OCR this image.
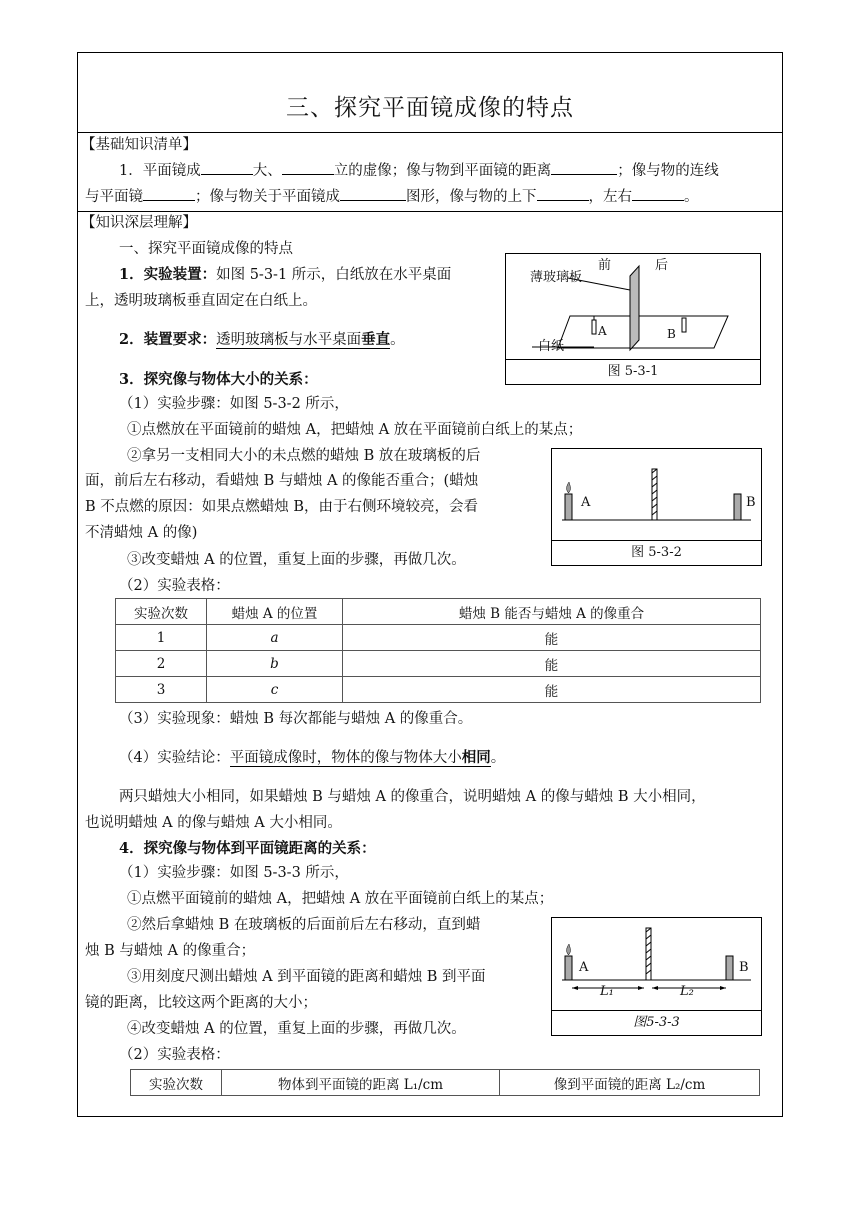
三、探究平面镜成像的特点
【基础知识清单】
1．平面镜成	大、	立的虚像；像与物到平面镜的距离	；像与物的连线
与平面镜	；像与物关于平面镜成	图形，像与物的上下	，左右	。
【知识深层理解】
一、探究平面镜成像的特点
1．实验装置：如图 5-3-1 所示，白纸放在水平桌面
上，透明玻璃板垂直固定在白纸上。
2．装置要求：透明玻璃板与水平桌面垂直。
3．探究像与物体大小的关系：
（1）实验步骤：如图 5-3-2 所示，
①点燃放在平面镜前的蜡烛 A，把蜡烛 A 放在平面镜前白纸上的某点；
②拿另一支相同大小的未点燃的蜡烛 B 放在玻璃板的后
面，前后左右移动，看蜡烛 B 与蜡烛 A 的像能否重合；(蜡烛
B 不点燃的原因：如果点燃蜡烛 B，由于右侧环境较亮，会看
不清蜡烛 A 的像)
③改变蜡烛 A 的位置，重复上面的步骤，再做几次。
（2）实验表格：
实验次数	蜡烛 A 的位置	蜡烛 B 能否与蜡烛 A 的像重合
1	a	能
2	b	能
3	c	能
（3）实验现象：蜡烛 B 每次都能与蜡烛 A 的像重合。
（4）实验结论：平面镜成像时，物体的像与物体大小相同。
两只蜡烛大小相同，如果蜡烛 B 与蜡烛 A 的像重合，说明蜡烛 A 的像与蜡烛 B 大小相同，
也说明蜡烛 A 的像与蜡烛 A 大小相同。
4．探究像与物体到平面镜距离的关系：
（1）实验步骤：如图 5-3-3 所示，
①点燃平面镜前的蜡烛 A，把蜡烛 A 放在平面镜前白纸上的某点；
②然后拿蜡烛 B 在玻璃板的后面前后左右移动，直到蜡
烛 B 与蜡烛 A 的像重合；
③用刻度尺测出蜡烛 A 到平面镜的距离和蜡烛 B 到平面
镜的距离，比较这两个距离的大小；
④改变蜡烛 A 的位置，重复上面的步骤，再做几次。
（2）实验表格：
实验次数	物体到平面镜的距离 L₁/cm	像到平面镜的距离 L₂/cm
薄玻璃板
前	后
A	B
白纸
图 5-3-1
A	B
图 5-3-2
A	B
L₁	L₂
图5-3-3
